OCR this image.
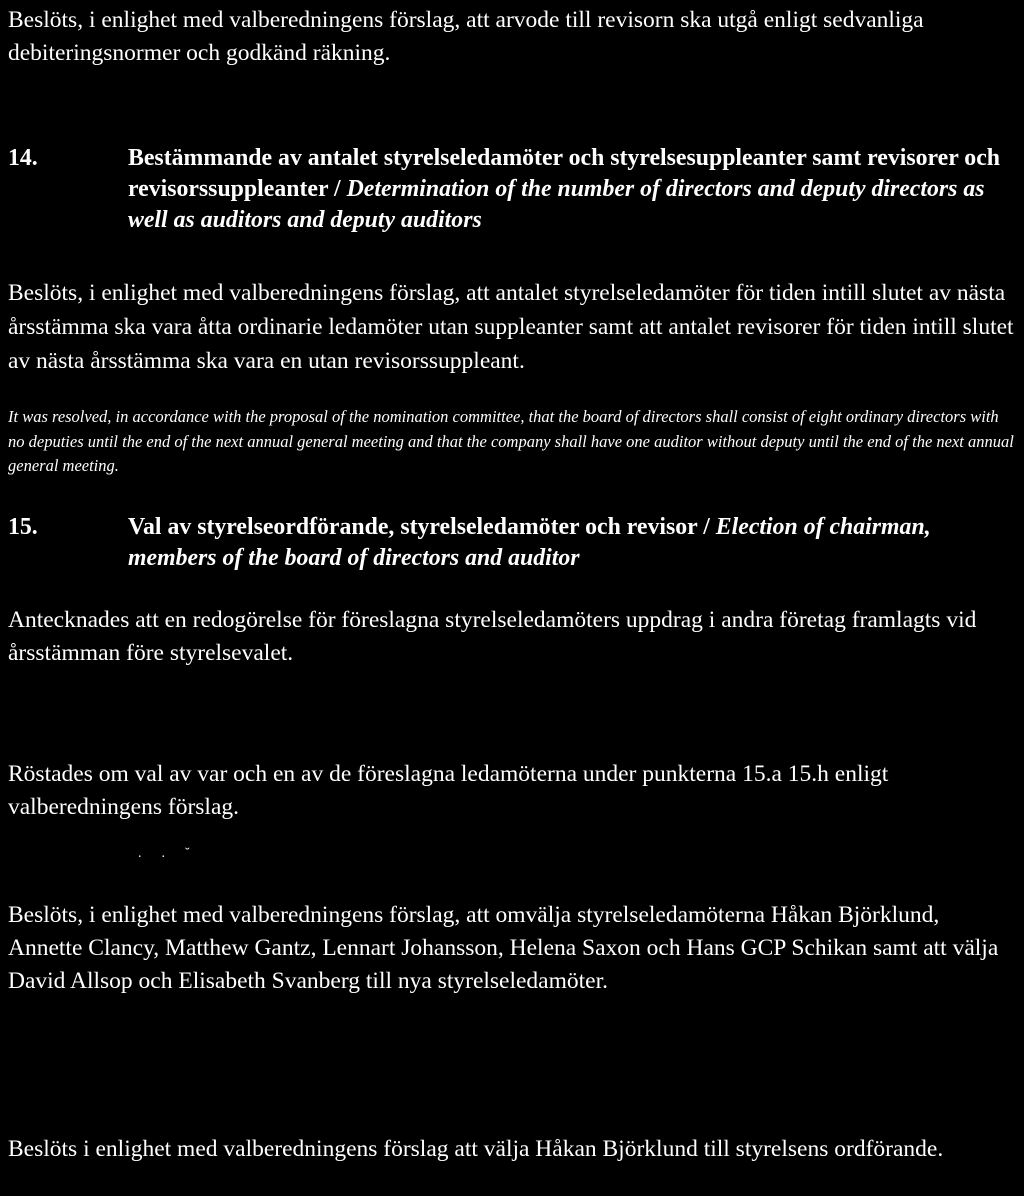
Beslöts, i enlighet med valberedningens förslag, att arvode till revisorn ska utgå enligt sedvanliga debiteringsnormer och godkänd räkning.

14.	Bestämmande av antalet styrelseledamöter och styrelsesuppleanter samt revisorer och revisorssuppleanter / Determination of the number of directors and deputy directors as well as auditors and deputy auditors

Beslöts, i enlighet med valberedningens förslag, att antalet styrelseledamöter för tiden intill slutet av nästa årsstämma ska vara åtta ordinarie ledamöter utan suppleanter samt att antalet revisorer för tiden intill slutet av nästa årsstämma ska vara en utan revisorssuppleant.

It was resolved, in accordance with the proposal of the nomination committee, that the board of directors shall consist of eight ordinary directors with no deputies until the end of the next annual general meeting and that the company shall have one auditor without deputy until the end of the next annual general meeting.

15.	Val av styrelseordförande, styrelseledamöter och revisor / Election of chairman, members of the board of directors and auditor

Antecknades att en redogörelse för föreslagna styrelseledamöters uppdrag i andra företag framlagts vid årsstämman före styrelsevalet.

Röstades om val av var och en av de föreslagna ledamöterna under punkterna 15.a 15.h enligt valberedningens förslag.

..˘

Beslöts, i enlighet med valberedningens förslag, att omvälja styrelseledamöterna Håkan Björklund, Annette Clancy, Matthew Gantz, Lennart Johansson, Helena Saxon och Hans GCP Schikan samt att välja David Allsop och Elisabeth Svanberg till nya styrelseledamöter.

Beslöts i enlighet med valberedningens förslag att välja Håkan Björklund till styrelsens ordförande.
